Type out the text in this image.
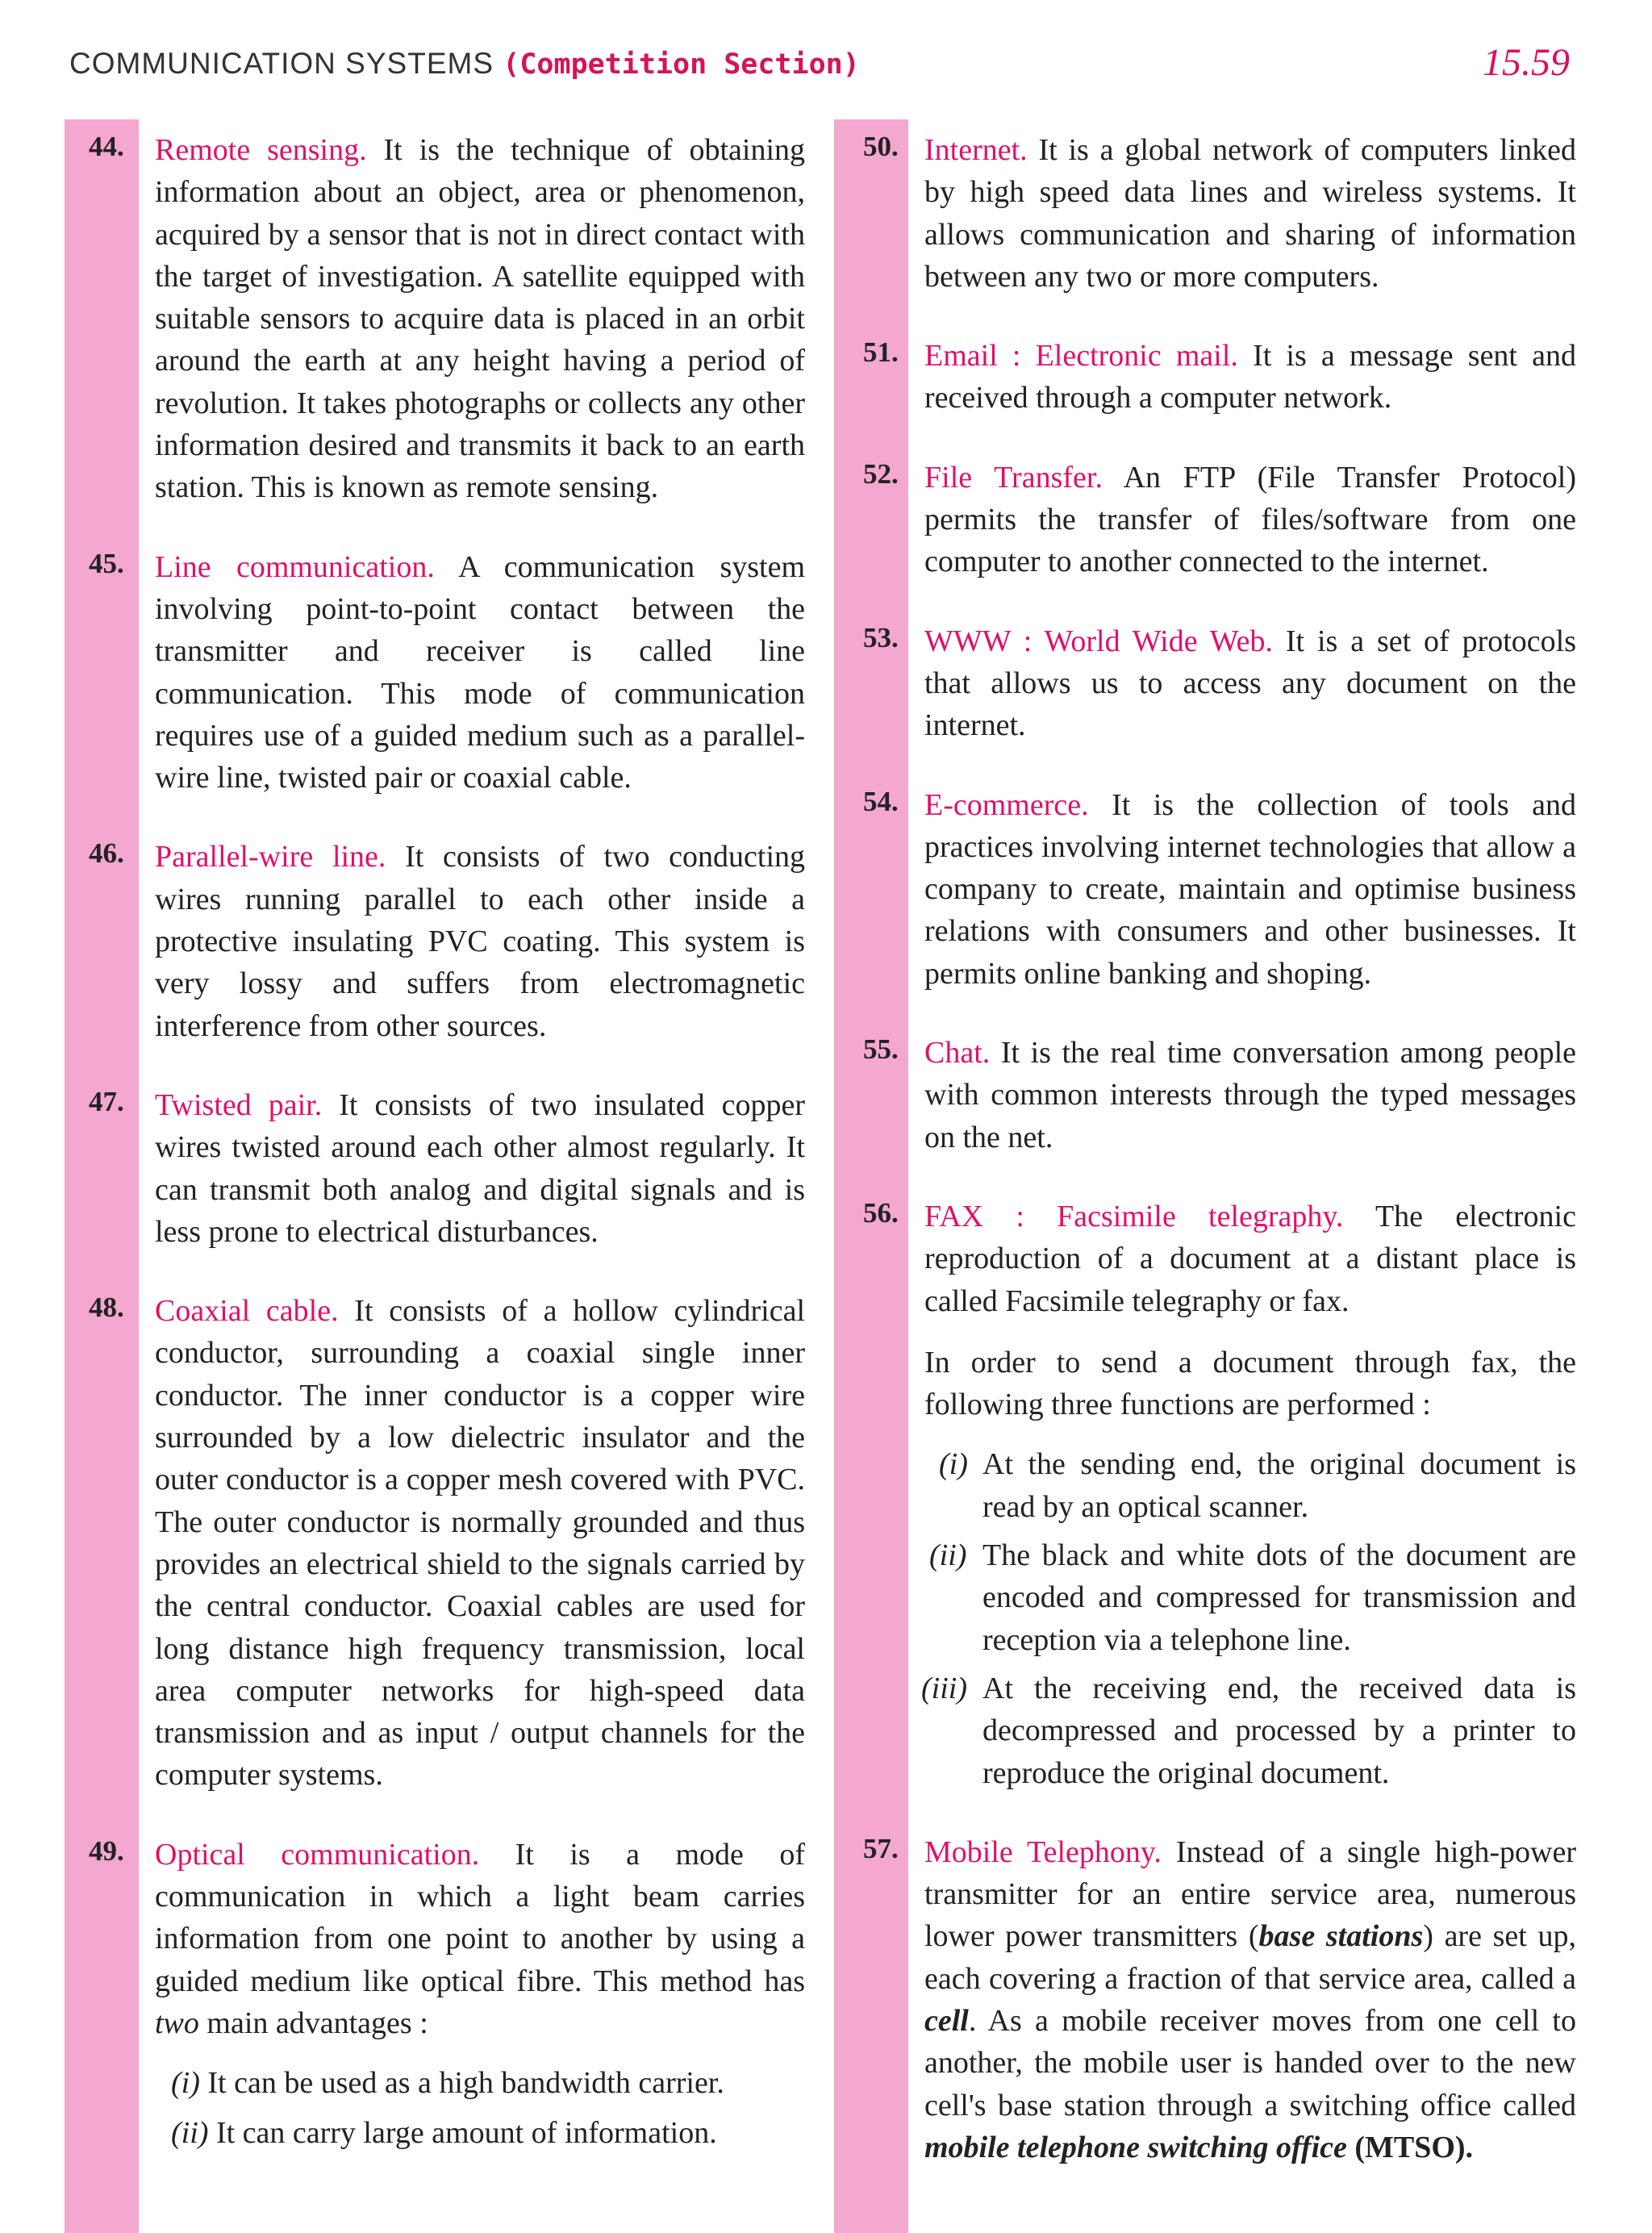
COMMUNICATION SYSTEMS (Competition Section)	15.59
44. Remote sensing. It is the technique of obtaining information about an object, area or phenomenon, acquired by a sensor that is not in direct contact with the target of investigation. A satellite equipped with suitable sensors to acquire data is placed in an orbit around the earth at any height having a period of revolution. It takes photographs or collects any other information desired and transmits it back to an earth station. This is known as remote sensing.

45. Line communication. A communication system involving point-to-point contact between the transmitter and receiver is called line communication. This mode of communication requires use of a guided medium such as a parallel-wire line, twisted pair or coaxial cable.

46. Parallel-wire line. It consists of two conducting wires running parallel to each other inside a protective insulating PVC coating. This system is very lossy and suffers from electromagnetic interference from other sources.

47. Twisted pair. It consists of two insulated copper wires twisted around each other almost regularly. It can transmit both analog and digital signals and is less prone to electrical disturbances.

48. Coaxial cable. It consists of a hollow cylindrical conductor, surrounding a coaxial single inner conductor. The inner conductor is a copper wire surrounded by a low dielectric insulator and the outer conductor is a copper mesh covered with PVC. The outer conductor is normally grounded and thus provides an electrical shield to the signals carried by the central conductor. Coaxial cables are used for long distance high frequency transmission, local area computer networks for high-speed data transmission and as input / output channels for the computer systems.

49. Optical communication. It is a mode of communication in which a light beam carries information from one point to another by using a guided medium like optical fibre. This method has two main advantages :

(i) It can be used as a high bandwidth carrier.
(ii) It can carry large amount of information.
50. Internet. It is a global network of computers linked by high speed data lines and wireless systems. It allows communication and sharing of information between any two or more computers.

51. Email : Electronic mail. It is a message sent and received through a computer network.

52. File Transfer. An FTP (File Transfer Protocol) permits the transfer of files/software from one computer to another connected to the internet.

53. WWW : World Wide Web. It is a set of protocols that allows us to access any document on the internet.

54. E-commerce. It is the collection of tools and practices involving internet technologies that allow a company to create, maintain and optimise business relations with consumers and other businesses. It permits online banking and shoping.

55. Chat. It is the real time conversation among people with common interests through the typed messages on the net.

56. FAX : Facsimile telegraphy. The electronic reproduction of a document at a distant place is called Facsimile telegraphy or fax.

In order to send a document through fax, the following three functions are performed :

(i) At the sending end, the original document is read by an optical scanner.
(ii) The black and white dots of the document are encoded and compressed for transmission and reception via a telephone line.
(iii) At the receiving end, the received data is decompressed and processed by a printer to reproduce the original document.
57. Mobile Telephony. Instead of a single high-power transmitter for an entire service area, numerous lower power transmitters (base stations) are set up, each covering a fraction of that service area, called a cell. As a mobile receiver moves from one cell to another, the mobile user is handed over to the new cell's base station through a switching office called mobile telephone switching office (MTSO).
